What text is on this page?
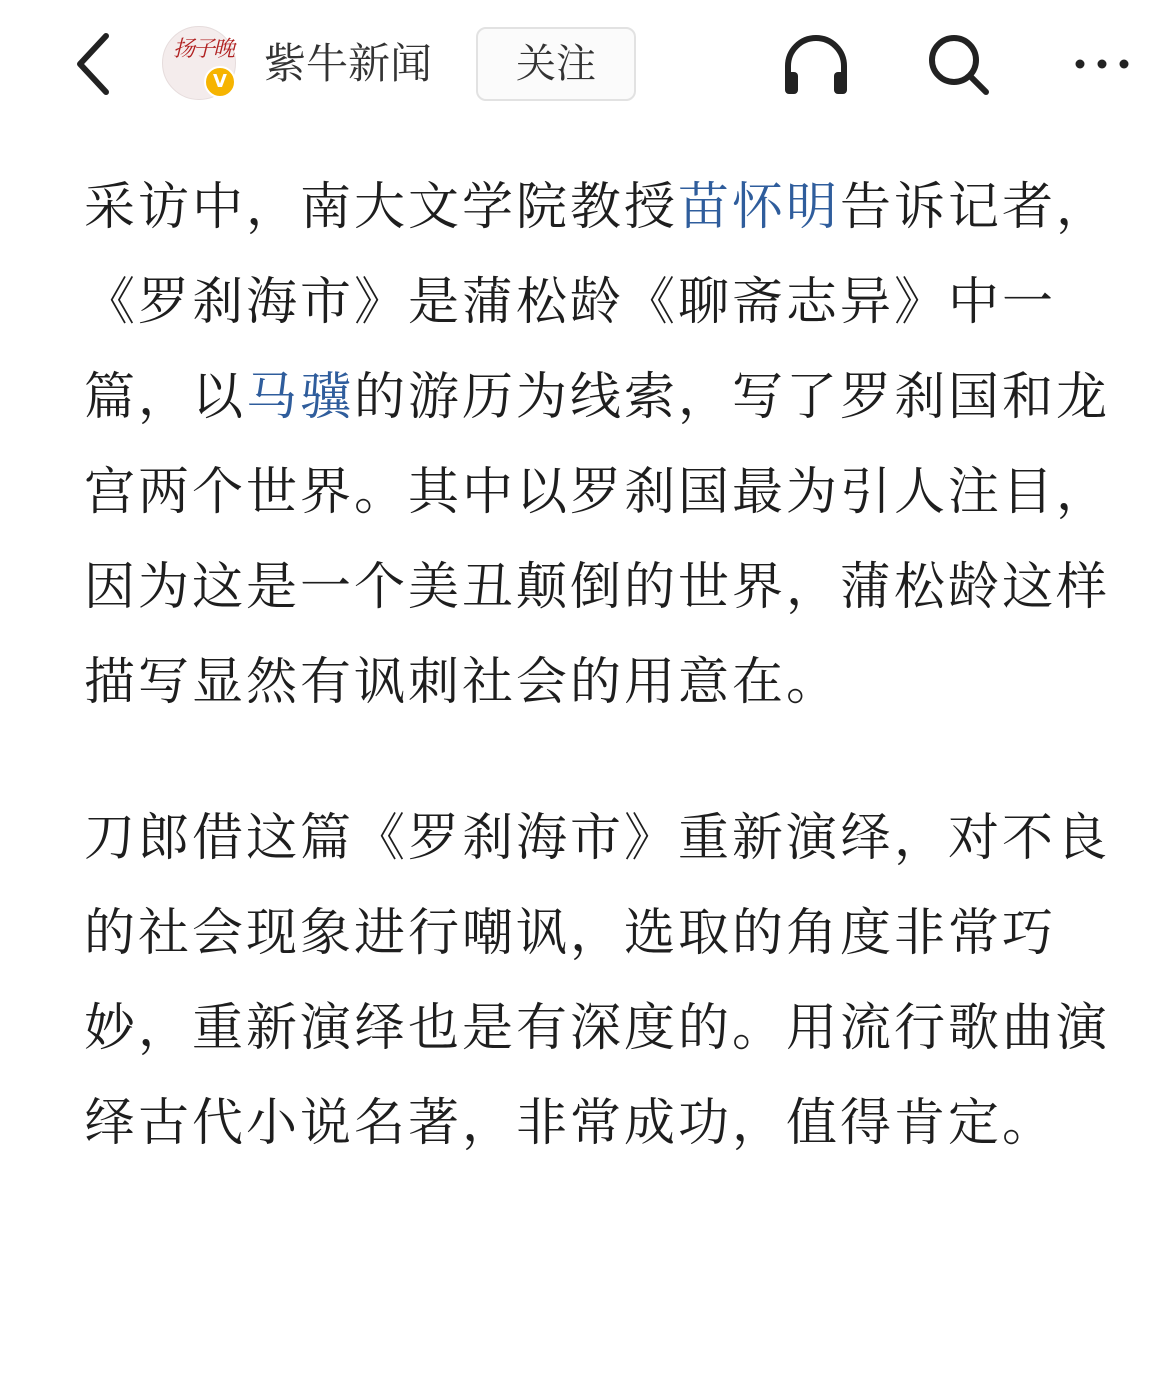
扬子晚
V 紫牛新闻	关注

采访中，南大文学院教授苗怀明告诉记者，《罗刹海市》是蒲松龄《聊斋志异》中一篇，以马骥的游历为线索，写了罗刹国和龙宫两个世界。其中以罗刹国最为引人注目，因为这是一个美丑颠倒的世界，蒲松龄这样描写显然有讽刺社会的用意在。

刀郎借这篇《罗刹海市》重新演绎，对不良的社会现象进行嘲讽，选取的角度非常巧妙，重新演绎也是有深度的。用流行歌曲演绎古代小说名著，非常成功，值得肯定。
